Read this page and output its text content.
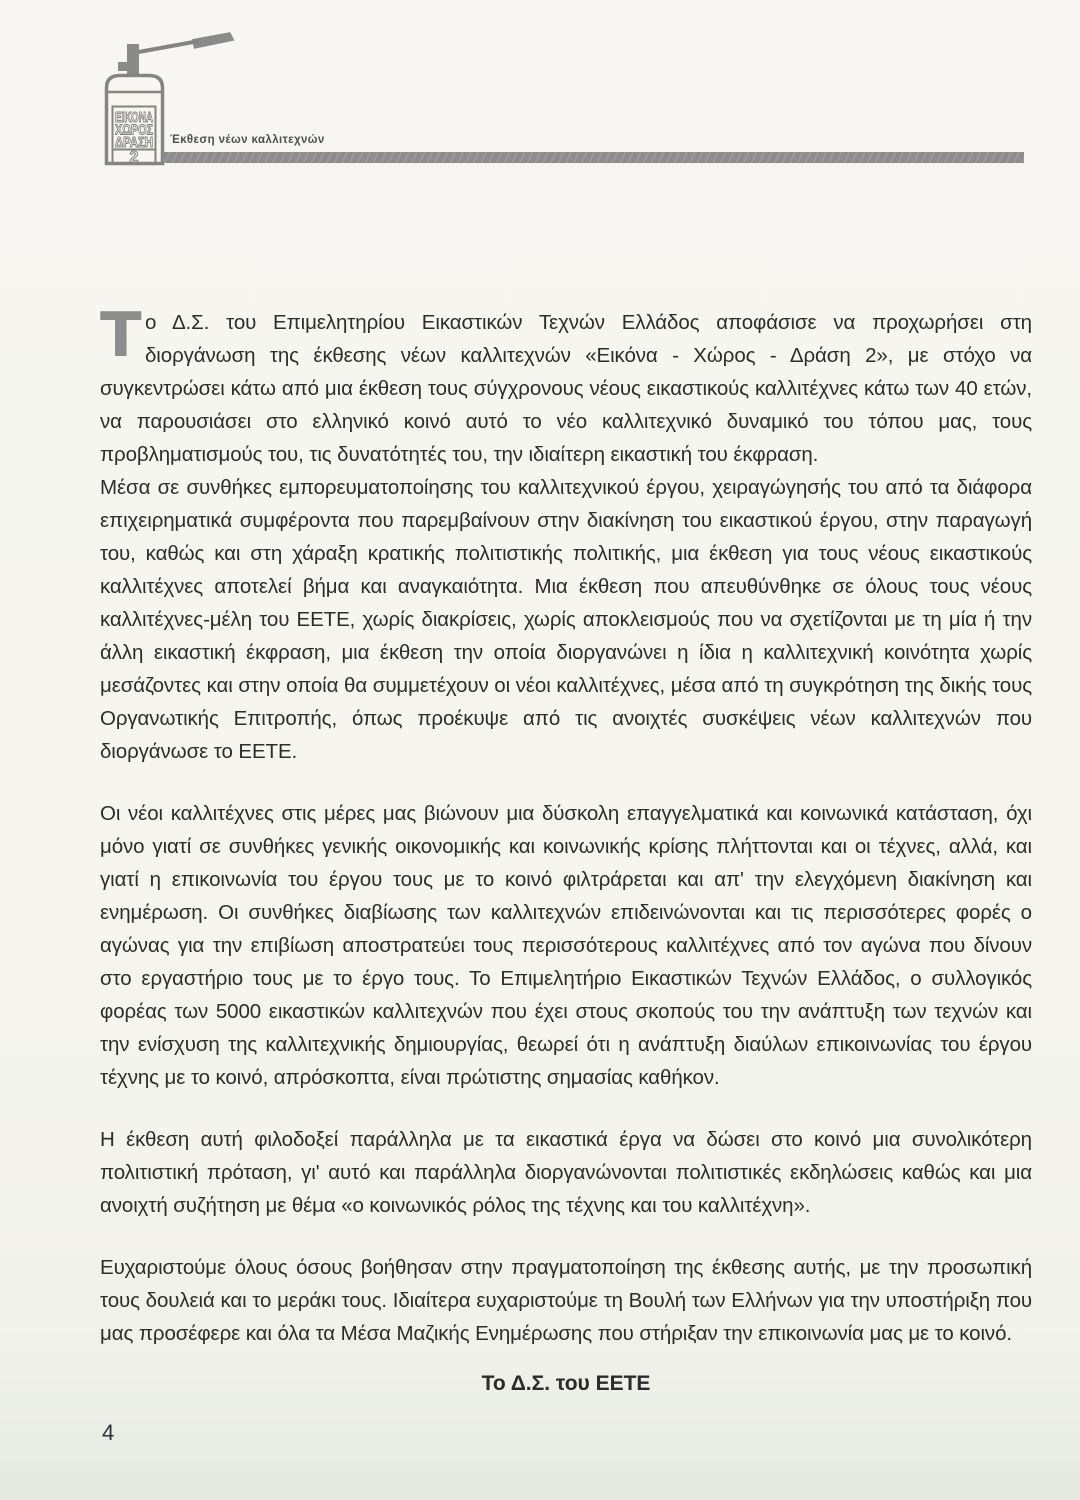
ΕΙΚΟΝΑ
ΧΩΡΟΣ
ΔΡΑΣΗ
2
Έκθεση νέων καλλιτεχνών

Το Δ.Σ. του Επιμελητηρίου Εικαστικών Τεχνών Ελλάδος αποφάσισε να προχωρήσει στη διοργάνωση της έκθεσης νέων καλλιτεχνών «Εικόνα - Χώρος - Δράση 2», με στόχο να συγκεντρώσει κάτω από μια έκθεση τους σύγχρονους νέους εικαστικούς καλλιτέχνες κάτω των 40 ετών, να παρουσιάσει στο ελληνικό κοινό αυτό το νέο καλλιτεχνικό δυναμικό του τόπου μας, τους προβληματισμούς του, τις δυνατότητές του, την ιδιαίτερη εικαστική του έκφραση.

Μέσα σε συνθήκες εμπορευματοποίησης του καλλιτεχνικού έργου, χειραγώγησής του από τα διάφορα επιχειρηματικά συμφέροντα που παρεμβαίνουν στην διακίνηση του εικαστικού έργου, στην παραγωγή του, καθώς και στη χάραξη κρατικής πολιτιστικής πολιτικής, μια έκθεση για τους νέους εικαστικούς καλλιτέχνες αποτελεί βήμα και αναγκαιότητα. Μια έκθεση που απευθύνθηκε σε όλους τους νέους καλλιτέχνες-μέλη του ΕΕΤΕ, χωρίς διακρίσεις, χωρίς αποκλεισμούς που να σχετίζονται με τη μία ή την άλλη εικαστική έκφραση, μια έκθεση την οποία διοργανώνει η ίδια η καλλιτεχνική κοινότητα χωρίς μεσάζοντες και στην οποία θα συμμετέχουν οι νέοι καλλιτέχνες, μέσα από τη συγκρότηση της δικής τους Οργανωτικής Επιτροπής, όπως προέκυψε από τις ανοιχτές συσκέψεις νέων καλλιτεχνών που διοργάνωσε το ΕΕΤΕ.

Οι νέοι καλλιτέχνες στις μέρες μας βιώνουν μια δύσκολη επαγγελματικά και κοινωνικά κατάσταση, όχι μόνο γιατί σε συνθήκες γενικής οικονομικής και κοινωνικής κρίσης πλήττονται και οι τέχνες, αλλά, και γιατί η επικοινωνία του έργου τους με το κοινό φιλτράρεται και απ' την ελεγχόμενη διακίνηση και ενημέρωση. Οι συνθήκες διαβίωσης των καλλιτεχνών επιδεινώνονται και τις περισσότερες φορές ο αγώνας για την επιβίωση αποστρατεύει τους περισσότερους καλλιτέχνες από τον αγώνα που δίνουν στο εργαστήριο τους με το έργο τους. Το Επιμελητήριο Εικαστικών Τεχνών Ελλάδος, ο συλλογικός φορέας των 5000 εικαστικών καλλιτεχνών που έχει στους σκοπούς του την ανάπτυξη των τεχνών και την ενίσχυση της καλλιτεχνικής δημιουργίας, θεωρεί ότι η ανάπτυξη διαύλων επικοινωνίας του έργου τέχνης με το κοινό, απρόσκοπτα, είναι πρώτιστης σημασίας καθήκον.

Η έκθεση αυτή φιλοδοξεί παράλληλα με τα εικαστικά έργα να δώσει στο κοινό μια συνολικότερη πολιτιστική πρόταση, γι' αυτό και παράλληλα διοργανώνονται πολιτιστικές εκδηλώσεις καθώς και μια ανοιχτή συζήτηση με θέμα «ο κοινωνικός ρόλος της τέχνης και του καλλιτέχνη».

Ευχαριστούμε όλους όσους βοήθησαν στην πραγματοποίηση της έκθεσης αυτής, με την προσωπική τους δουλειά και το μεράκι τους. Ιδιαίτερα ευχαριστούμε τη Βουλή των Ελλήνων για την υποστήριξη που μας προσέφερε και όλα τα Μέσα Μαζικής Ενημέρωσης που στήριξαν την επικοινωνία μας με το κοινό.

Το Δ.Σ. του ΕΕΤΕ
4
